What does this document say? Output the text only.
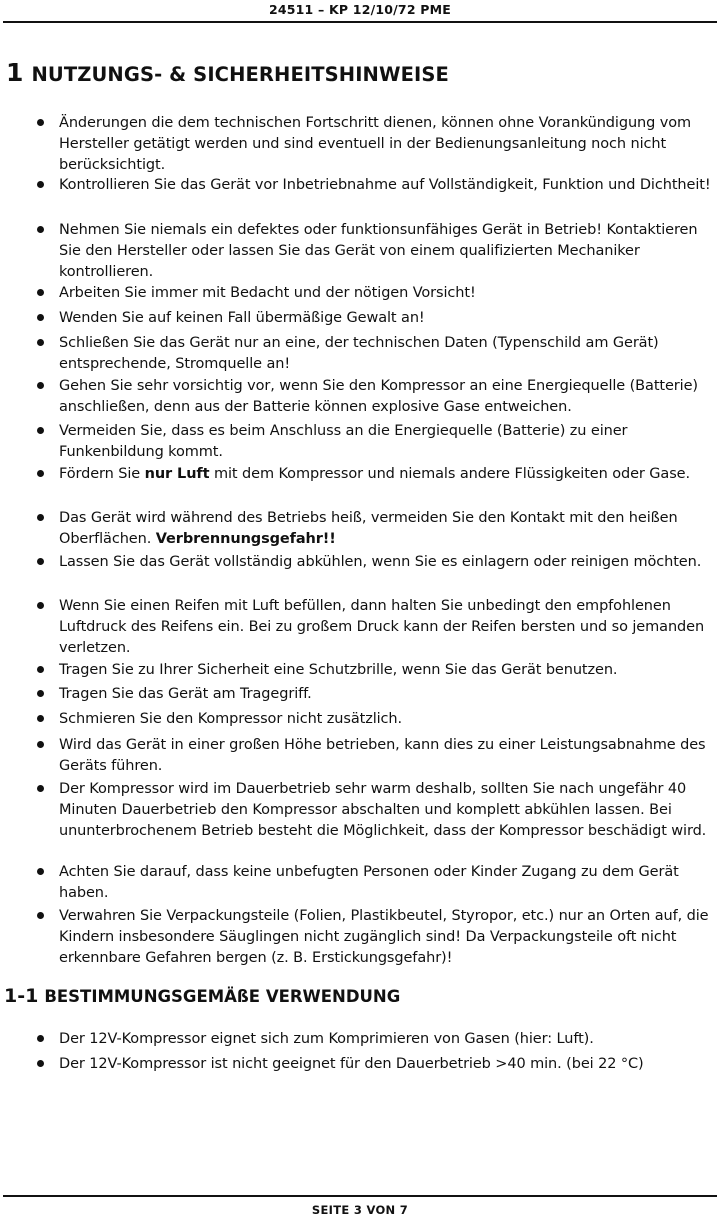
24511 – KP 12/10/72 PME
1 NUTZUNGS- & SICHERHEITSHINWEISE
Änderungen die dem technischen Fortschritt dienen, können ohne Vorankündigung vom Hersteller getätigt werden und sind eventuell in der Bedienungsanleitung noch nicht berücksichtigt.
Kontrollieren Sie das Gerät vor Inbetriebnahme auf Vollständigkeit, Funktion und Dichtheit!
Nehmen Sie niemals ein defektes oder funktionsunfähiges Gerät in Betrieb! Kontaktieren Sie den Hersteller oder lassen Sie das Gerät von einem qualifizierten Mechaniker kontrollieren.
Arbeiten Sie immer mit Bedacht und der nötigen Vorsicht!
Wenden Sie auf keinen Fall übermäßige Gewalt an!
Schließen Sie das Gerät nur an eine, der technischen Daten (Typenschild am Gerät) entsprechende, Stromquelle an!
Gehen Sie sehr vorsichtig vor, wenn Sie den Kompressor an eine Energiequelle (Batterie) anschließen, denn aus der Batterie können explosive Gase entweichen.
Vermeiden Sie, dass es beim Anschluss an die Energiequelle (Batterie) zu einer Funkenbildung kommt.
Fördern Sie nur Luft mit dem Kompressor und niemals andere Flüssigkeiten oder Gase.
Das Gerät wird während des Betriebs heiß, vermeiden Sie den Kontakt mit den heißen Oberflächen. Verbrennungsgefahr!!
Lassen Sie das Gerät vollständig abkühlen, wenn Sie es einlagern oder reinigen möchten.
Wenn Sie einen Reifen mit Luft befüllen, dann halten Sie unbedingt den empfohlenen Luftdruck des Reifens ein. Bei zu großem Druck kann der Reifen bersten und so jemanden verletzen.
Tragen Sie zu Ihrer Sicherheit eine Schutzbrille, wenn Sie das Gerät benutzen.
Tragen Sie das Gerät am Tragegriff.
Schmieren Sie den Kompressor nicht zusätzlich.
Wird das Gerät in einer großen Höhe betrieben, kann dies zu einer Leistungsabnahme des Geräts führen.
Der Kompressor wird im Dauerbetrieb sehr warm deshalb, sollten Sie nach ungefähr 40 Minuten Dauerbetrieb den Kompressor abschalten und komplett abkühlen lassen. Bei ununterbrochenem Betrieb besteht die Möglichkeit, dass der Kompressor beschädigt wird.
Achten Sie darauf, dass keine unbefugten Personen oder Kinder Zugang zu dem Gerät haben.
Verwahren Sie Verpackungsteile (Folien, Plastikbeutel, Styropor, etc.) nur an Orten auf, die Kindern insbesondere Säuglingen nicht zugänglich sind! Da Verpackungsteile oft nicht erkennbare Gefahren bergen (z. B. Erstickungsgefahr)!
1-1 BESTIMMUNGSGEMÄßE VERWENDUNG
Der 12V-Kompressor eignet sich zum Komprimieren von Gasen (hier: Luft).
Der 12V-Kompressor ist nicht geeignet für den Dauerbetrieb >40 min. (bei 22 °C)
SEITE 3 VON 7
